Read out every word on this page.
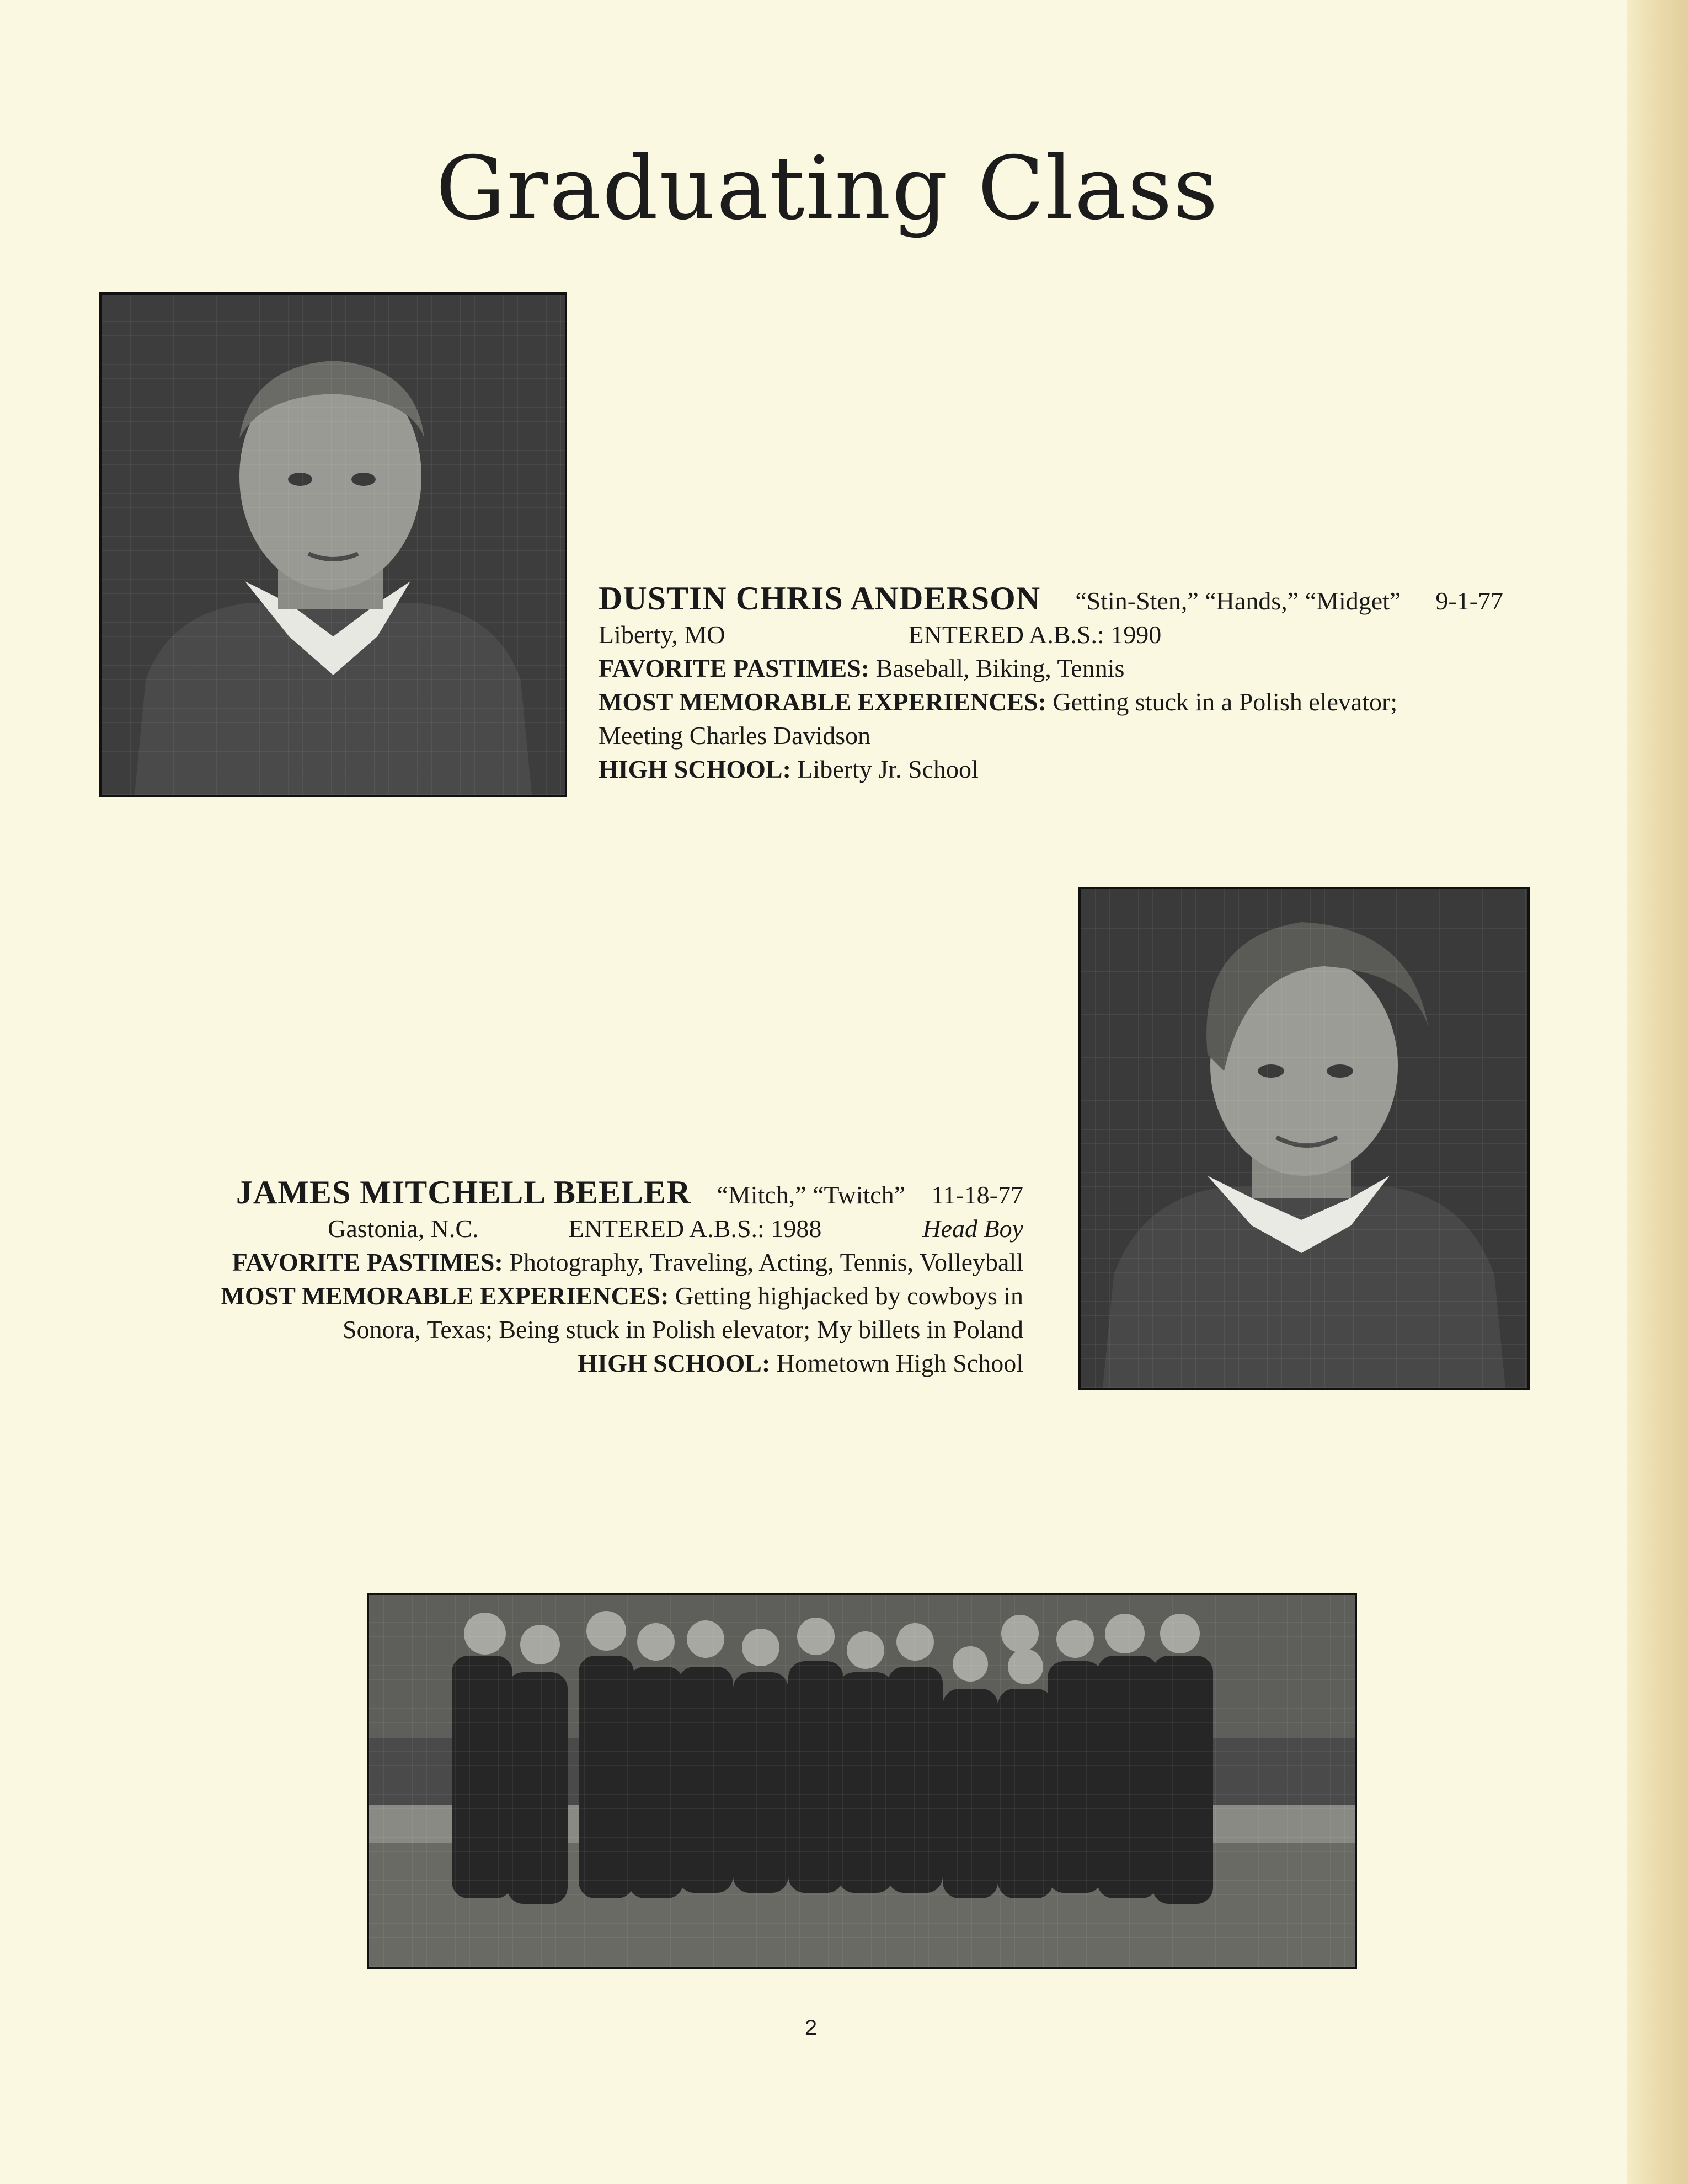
Graduating Class
DUSTIN CHRIS ANDERSON “Stin-Sten,” “Hands,” “Midget” 9-1-77
Liberty, MO	ENTERED A.B.S.: 1990
FAVORITE PASTIMES: Baseball, Biking, Tennis
MOST MEMORABLE EXPERIENCES: Getting stuck in a Polish elevator;
Meeting Charles Davidson
HIGH SCHOOL: Liberty Jr. School
JAMES MITCHELL BEELER “Mitch,” “Twitch” 11-18-77
Gastonia, N.C.	ENTERED A.B.S.: 1988	Head Boy
FAVORITE PASTIMES: Photography, Traveling, Acting, Tennis, Volleyball
MOST MEMORABLE EXPERIENCES: Getting highjacked by cowboys in
Sonora, Texas; Being stuck in Polish elevator; My billets in Poland
HIGH SCHOOL: Hometown High School
2
